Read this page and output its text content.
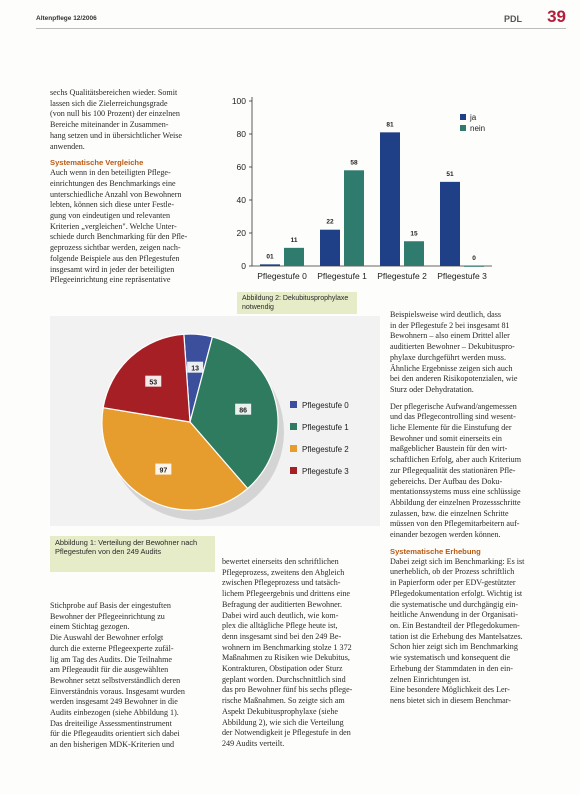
Altenpflege 12/2006	PDL 39
sechs Qualitätsbereichen wieder. Somit
lassen sich die Zielerreichungsgrade
(von null bis 100 Prozent) der einzelnen
Bereiche miteinander in Zusammen-
hang setzen und in übersichtlicher Weise
anwenden.
Systematische Vergleiche
Auch wenn in den beteiligten Pflege-
einrichtungen des Benchmarkings eine
unterschiedliche Anzahl von Bewohnern
lebten, können sich diese unter Festle-
gung von eindeutigen und relevanten
Kriterien „vergleichen". Welche Unter-
schiede durch Benchmarking für den Pfle-
geprozess sichtbar werden, zeigen nach-
folgende Beispiele aus den Pflegestufen
insgesamt wird in jeder der beteiligten
Pflegeeinrichtung eine repräsentative
0
20
40
60
80
100
01
11
Pflegestufe 0
22
58
Pflegestufe 1
81
15
Pflegestufe 2
51
0
Pflegestufe 3
ja
nein
Abbildung 2: Dekubitusprophylaxe notwendig
13
86
97
53
Pflegestufe 0
Pflegestufe 1
Pflegestufe 2
Pflegestufe 3
Abbildung 1: Verteilung der Bewohner nach Pflegestufen von den 249 Audits
Beispielsweise wird deutlich, dass
in der Pflegestufe 2 bei insgesamt 81
Bewohnern – also einem Drittel aller
auditierten Bewohner – Dekubituspro-
phylaxe durchgeführt werden muss.
Ähnliche Ergebnisse zeigen sich auch
bei den anderen Risikopotenzialen, wie
Sturz oder Dehydratation.
Der pflegerische Aufwand/angemessen
und das Pflegecontrolling sind wesent-
liche Elemente für die Einstufung der
Bewohner und somit einerseits ein
maßgeblicher Baustein für den wirt-
schaftlichen Erfolg, aber auch Kriterium
zur Pflegequalität des stationären Pfle-
gebereichs. Der Aufbau des Doku-
mentationssystems muss eine schlüssige
Abbildung der einzelnen Prozessschritte
zulassen, bzw. die einzelnen Schritte
müssen von den Pflegemitarbeitern auf-
einander bezogen werden können.
Systematische Erhebung
Dabei zeigt sich im Benchmarking: Es ist
unerheblich, ob der Prozess schriftlich
in Papierform oder per EDV-gestützter
Pflegedokumentation erfolgt. Wichtig ist
die systematische und durchgängig ein-
heitliche Anwendung in der Organisati-
on. Ein Bestandteil der Pflegedokumen-
tation ist die Erhebung des Mantelsatzes.
Schon hier zeigt sich im Benchmarking
wie systematisch und konsequent die
Erhebung der Stammdaten in den ein-
zelnen Einrichtungen ist.
Eine besondere Möglichkeit des Ler-
nens bietet sich in diesem Benchmar-
Stichprobe auf Basis der eingestuften
Bewohner der Pflegeeinrichtung zu
einem Stichtag gezogen.
Die Auswahl der Bewohner erfolgt
durch die externe Pflegeexperte zufäl-
lig am Tag des Audits. Die Teilnahme
am Pflegeaudit für die ausgewählten
Bewohner setzt selbstverständlich deren
Einverständnis voraus. Insgesamt wurden
werden insgesamt 249 Bewohner in die
Audits einbezogen (siehe Abbildung 1).
Das dreiteilige Assessmentinstrument
für die Pflegeaudits orientiert sich dabei
an den bisherigen MDK-Kriterien und
bewertet einerseits den schriftlichen
Pflegeprozess, zweitens den Abgleich
zwischen Pflegeprozess und tatsäch-
lichem Pflegeergebnis und drittens eine
Befragung der auditierten Bewohner.
Dabei wird auch deutlich, wie kom-
plex die alltägliche Pflege heute ist,
denn insgesamt sind bei den 249 Be-
wohnern im Benchmarking stolze 1 372
Maßnahmen zu Risiken wie Dekubitus,
Kontrakturen, Obstipation oder Sturz
geplant worden. Durchschnittlich sind
das pro Bewohner fünf bis sechs pflege-
rische Maßnahmen. So zeigte sich am
Aspekt Dekubitusprophylaxe (siehe
Abbildung 2), wie sich die Verteilung
der Notwendigkeit je Pflegestufe in den
249 Audits verteilt.
